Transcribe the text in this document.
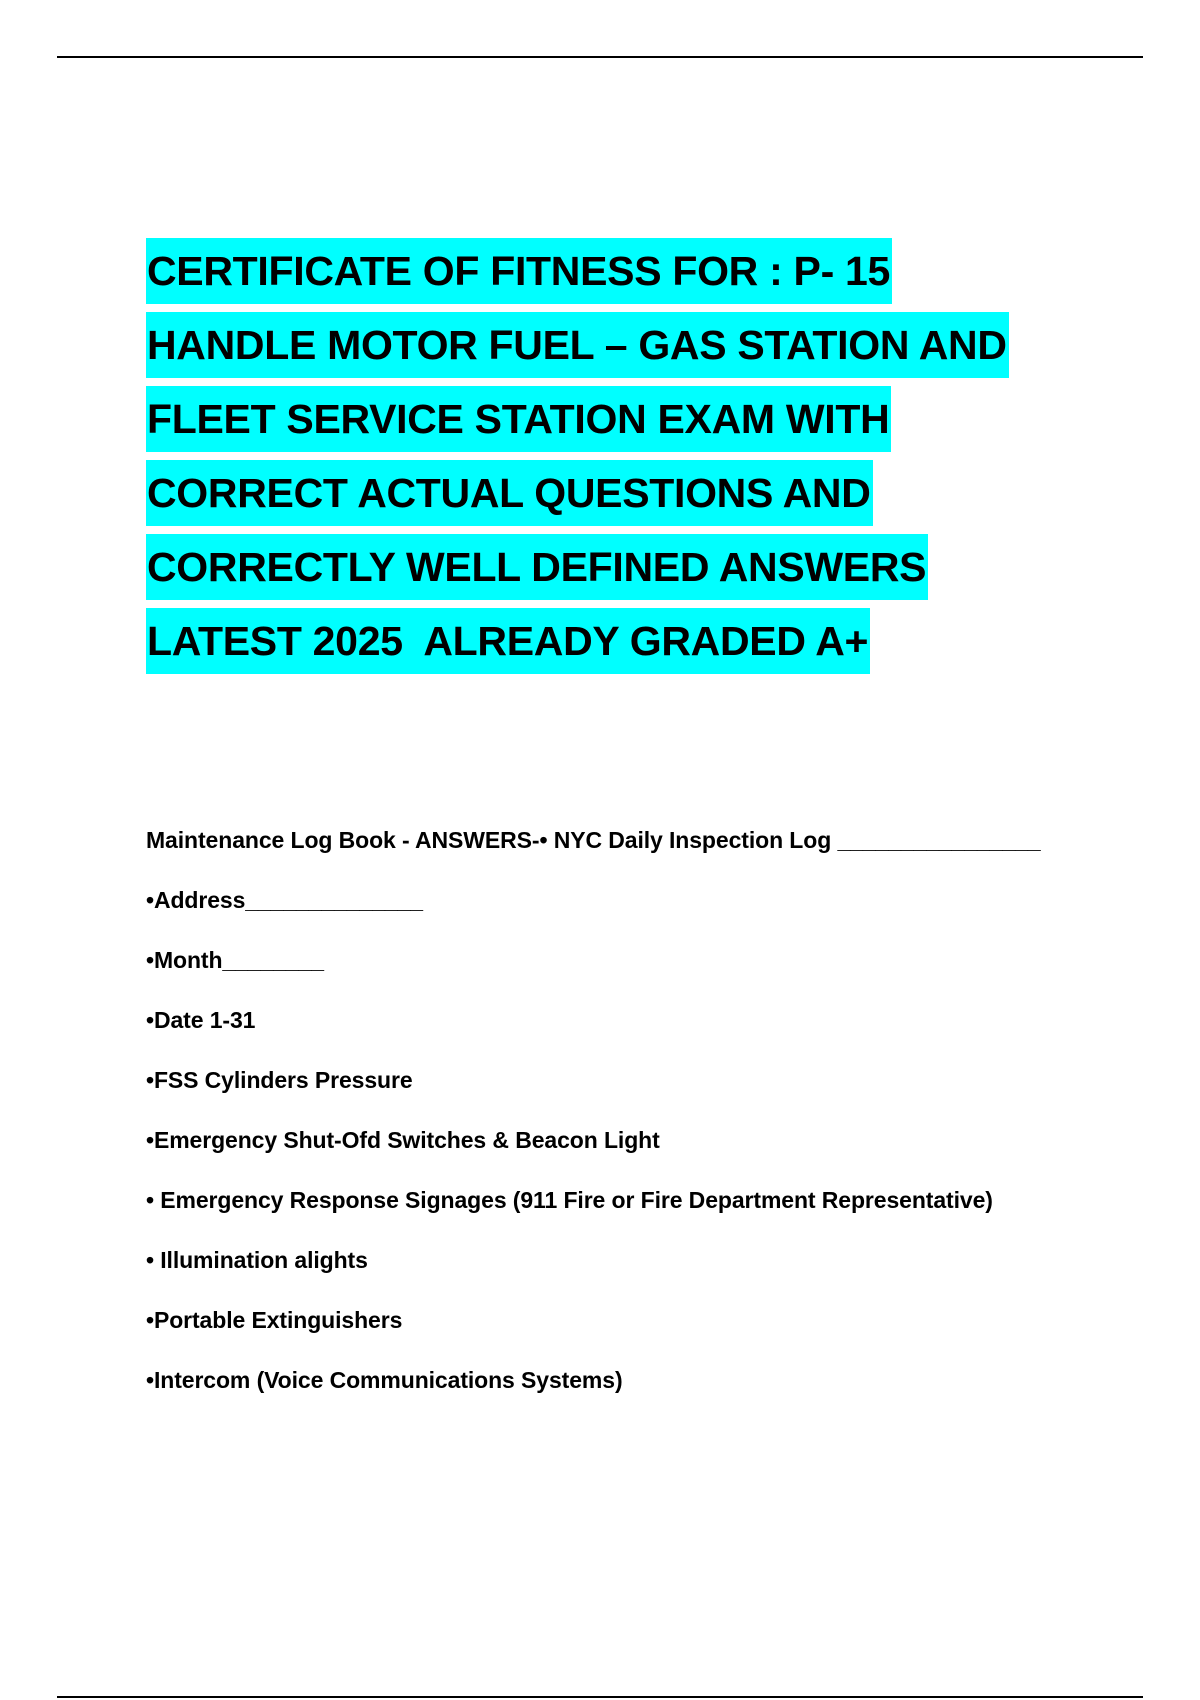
CERTIFICATE OF FITNESS FOR : P- 15
HANDLE MOTOR FUEL – GAS STATION AND
FLEET SERVICE STATION EXAM WITH
CORRECT ACTUAL QUESTIONS AND
CORRECTLY WELL DEFINED ANSWERS
LATEST 2025  ALREADY GRADED A+
Maintenance Log Book - ANSWERS-• NYC Daily Inspection Log ________________
•Address______________
•Month________
•Date 1-31
•FSS Cylinders Pressure
•Emergency Shut-Ofd Switches & Beacon Light
• Emergency Response Signages (911 Fire or Fire Department Representative)
• Illumination alights
•Portable Extinguishers
•Intercom (Voice Communications Systems)
